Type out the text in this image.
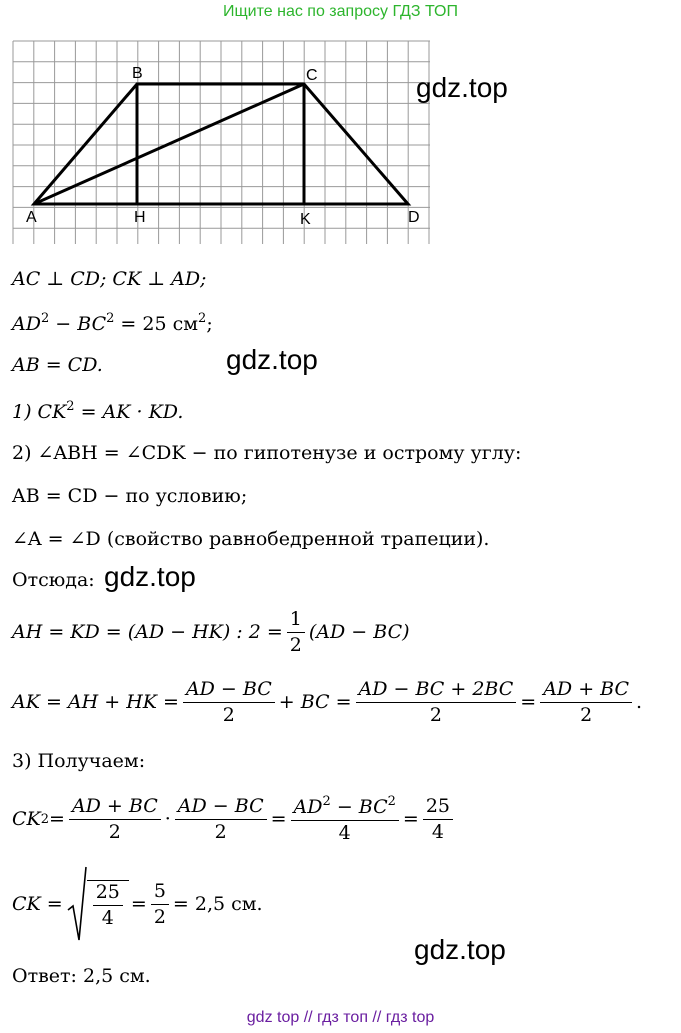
Ищите нас по запросу ГДЗ ТОП
B	C
A	H	K	D
gdz.top
gdz.top
gdz.top
AC ⊥ CD; CK ⊥ AD;
$AD^2 - BC^2 = 25$ $см^2$;
AB = CD.
1) $CK^2$ = AK · KD.
2) ∠ABH = ∠CDK − по гипотенузе и острому углу:
AB = CD − по условию;
∠A = ∠D (свойство равнобедренной трапеции).
Отсюда: gdz.top
AH = KD = (AD − HK) : $2 = \frac{1}{2} (AD - BC)$
AK = AH + HK = $\frac{AD - BC}{2}$ + BC = $\frac{AD - BC + 2BC}{2} = \frac{AD + BC}{2}$ .
3) Получаем:
CK $2 = \frac{AD + BC}{2} \cdot \frac{AD - BC}{2} = \frac{AD^2 - BC^2}{4} = \frac{25}{4}$
CK = $\frac{25}{4} = \frac{5}{2} = 2,5$ см.
Ответ: 2,5 см.
gdz top // гдз топ // гдз top
